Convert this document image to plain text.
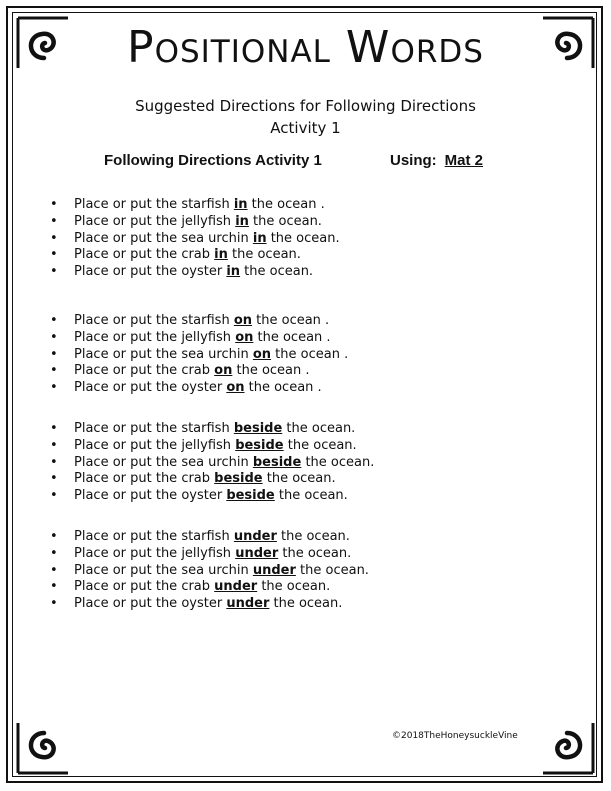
Positional Words
Suggested Directions for Following Directions
Activity 1
Following Directions Activity 1	Using: Mat 2
• Place or put the starfish in the ocean .
• Place or put the jellyfish in the ocean.
• Place or put the sea urchin in the ocean.
• Place or put the crab in the ocean.
• Place or put the oyster in the ocean.
• Place or put the starfish on the ocean .
• Place or put the jellyfish on the ocean .
• Place or put the sea urchin on the ocean .
• Place or put the crab on the ocean .
• Place or put the oyster on the ocean .
• Place or put the starfish beside the ocean.
• Place or put the jellyfish beside the ocean.
• Place or put the sea urchin beside the ocean.
• Place or put the crab beside the ocean.
• Place or put the oyster beside the ocean.
• Place or put the starfish under the ocean.
• Place or put the jellyfish under the ocean.
• Place or put the sea urchin under the ocean.
• Place or put the crab under the ocean.
• Place or put the oyster under the ocean.
©2018TheHoneysuckleVine
